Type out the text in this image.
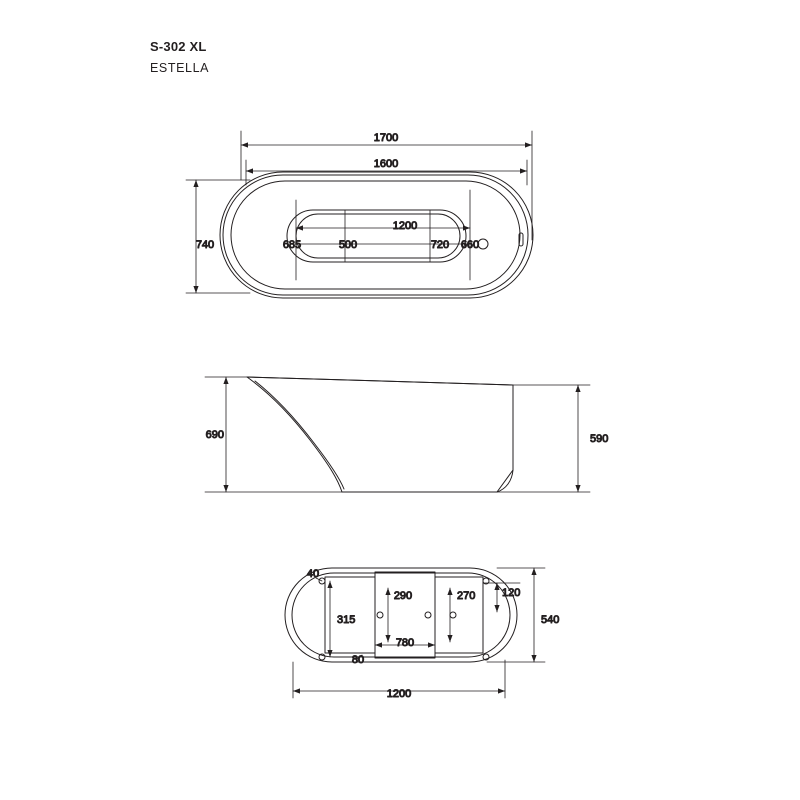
S-302 XL

ESTELLA

1700
1600
1200
740	685	500	720 660
690	590
40
315
290	270 120
540
780
80
1200
